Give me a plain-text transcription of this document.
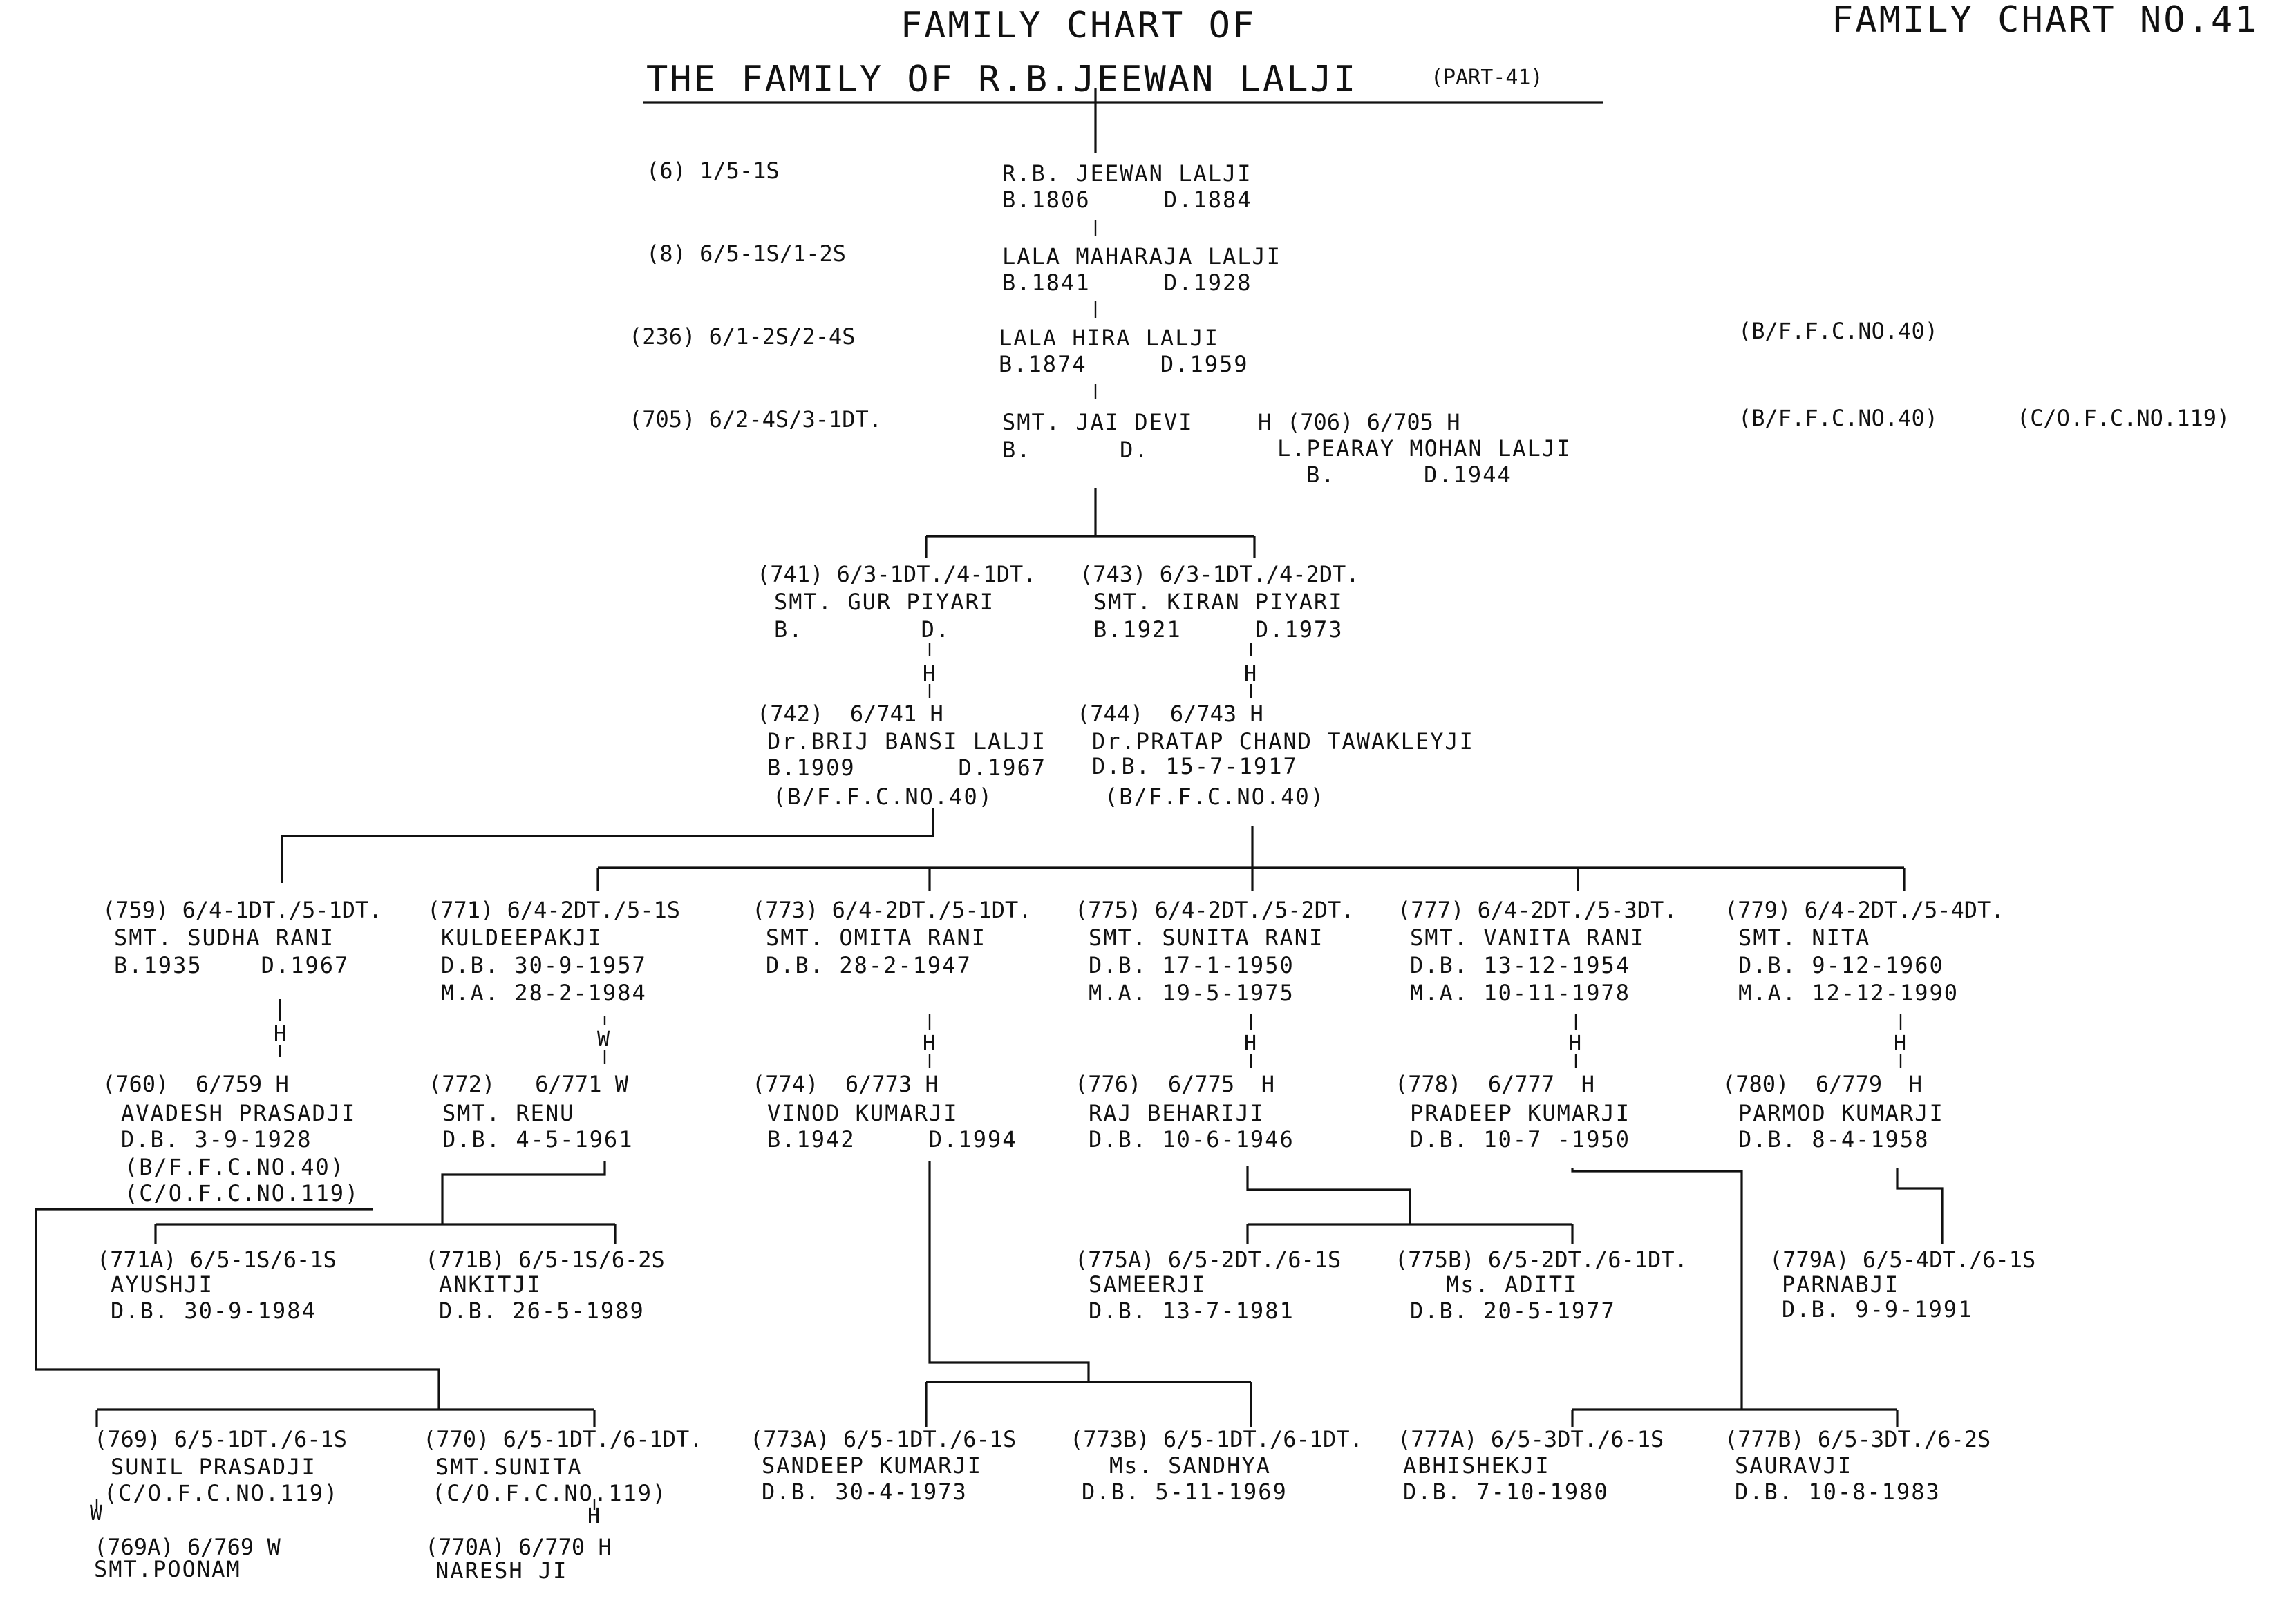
FAMILY CHART OF
THE FAMILY OF R.B.JEEWAN LALJI	(PART-41)
FAMILY CHART NO.41
(6) 1/5-1S	R.B. JEEWAN LALJI
B.1806     D.1884
(8) 6/5-1S/1-2S	LALA MAHARAJA LALJI
B.1841     D.1928
(236) 6/1-2S/2-4S	LALA HIRA LALJI
B.1874     D.1959
(B/F.F.C.NO.40)
(705) 6/2-4S/3-1DT.	SMT. JAI DEVI
B.      D.
(B/F.F.C.NO.40)	(C/O.F.C.NO.119)
H (706) 6/705 H
L.PEARAY MOHAN LALJI
B.      D.1944
(741) 6/3-1DT./4-1DT.
SMT. GUR PIYARI
B.        D.
H
(742)  6/741 H
Dr.BRIJ BANSI LALJI
B.1909       D.1967
(B/F.F.C.NO.40)
(743) 6/3-1DT./4-2DT.
SMT. KIRAN PIYARI
B.1921     D.1973
H
(744)  6/743 H
Dr.PRATAP CHAND TAWAKLEYJI
D.B. 15-7-1917
(B/F.F.C.NO.40)
(759) 6/4-1DT./5-1DT.
SMT. SUDHA RANI
B.1935    D.1967
H
(760)  6/759 H
AVADESH PRASADJI
D.B. 3-9-1928
(B/F.F.C.NO.40)
(C/O.F.C.NO.119)
(771) 6/4-2DT./5-1S
KULDEEPAKJI
D.B. 30-9-1957
M.A. 28-2-1984
W
(772)   6/771 W
SMT. RENU
D.B. 4-5-1961
(773) 6/4-2DT./5-1DT.
SMT. OMITA RANI
D.B. 28-2-1947
H
(774)  6/773 H
VINOD KUMARJI
B.1942     D.1994
(775) 6/4-2DT./5-2DT.
SMT. SUNITA RANI
D.B. 17-1-1950
M.A. 19-5-1975
H
(776)  6/775  H
RAJ BEHARIJI
D.B. 10-6-1946
(777) 6/4-2DT./5-3DT.
SMT. VANITA RANI
D.B. 13-12-1954
M.A. 10-11-1978
H
(778)  6/777  H
PRADEEP KUMARJI
D.B. 10-7 -1950
(779) 6/4-2DT./5-4DT.
SMT. NITA
D.B. 9-12-1960
M.A. 12-12-1990
H
(780)  6/779  H
PARMOD KUMARJI
D.B. 8-4-1958
(771A) 6/5-1S/6-1S
AYUSHJI
D.B. 30-9-1984
(771B) 6/5-1S/6-2S
ANKITJI
D.B. 26-5-1989
(775A) 6/5-2DT./6-1S
SAMEERJI
D.B. 13-7-1981
(775B) 6/5-2DT./6-1DT.
Ms. ADITI
D.B. 20-5-1977
(779A) 6/5-4DT./6-1S
PARNABJI
D.B. 9-9-1991
(769) 6/5-1DT./6-1S
SUNIL PRASADJI
(C/O.F.C.NO.119)
W
(769A) 6/769 W
SMT.POONAM
(770) 6/5-1DT./6-1DT.
SMT.SUNITA
(C/O.F.C.NO.119)
H
(770A) 6/770 H
NARESH JI
(773A) 6/5-1DT./6-1S
SANDEEP KUMARJI
D.B. 30-4-1973
(773B) 6/5-1DT./6-1DT.
Ms. SANDHYA
D.B. 5-11-1969
(777A) 6/5-3DT./6-1S
ABHISHEKJI
D.B. 7-10-1980
(777B) 6/5-3DT./6-2S
SAURAVJI
D.B. 10-8-1983
